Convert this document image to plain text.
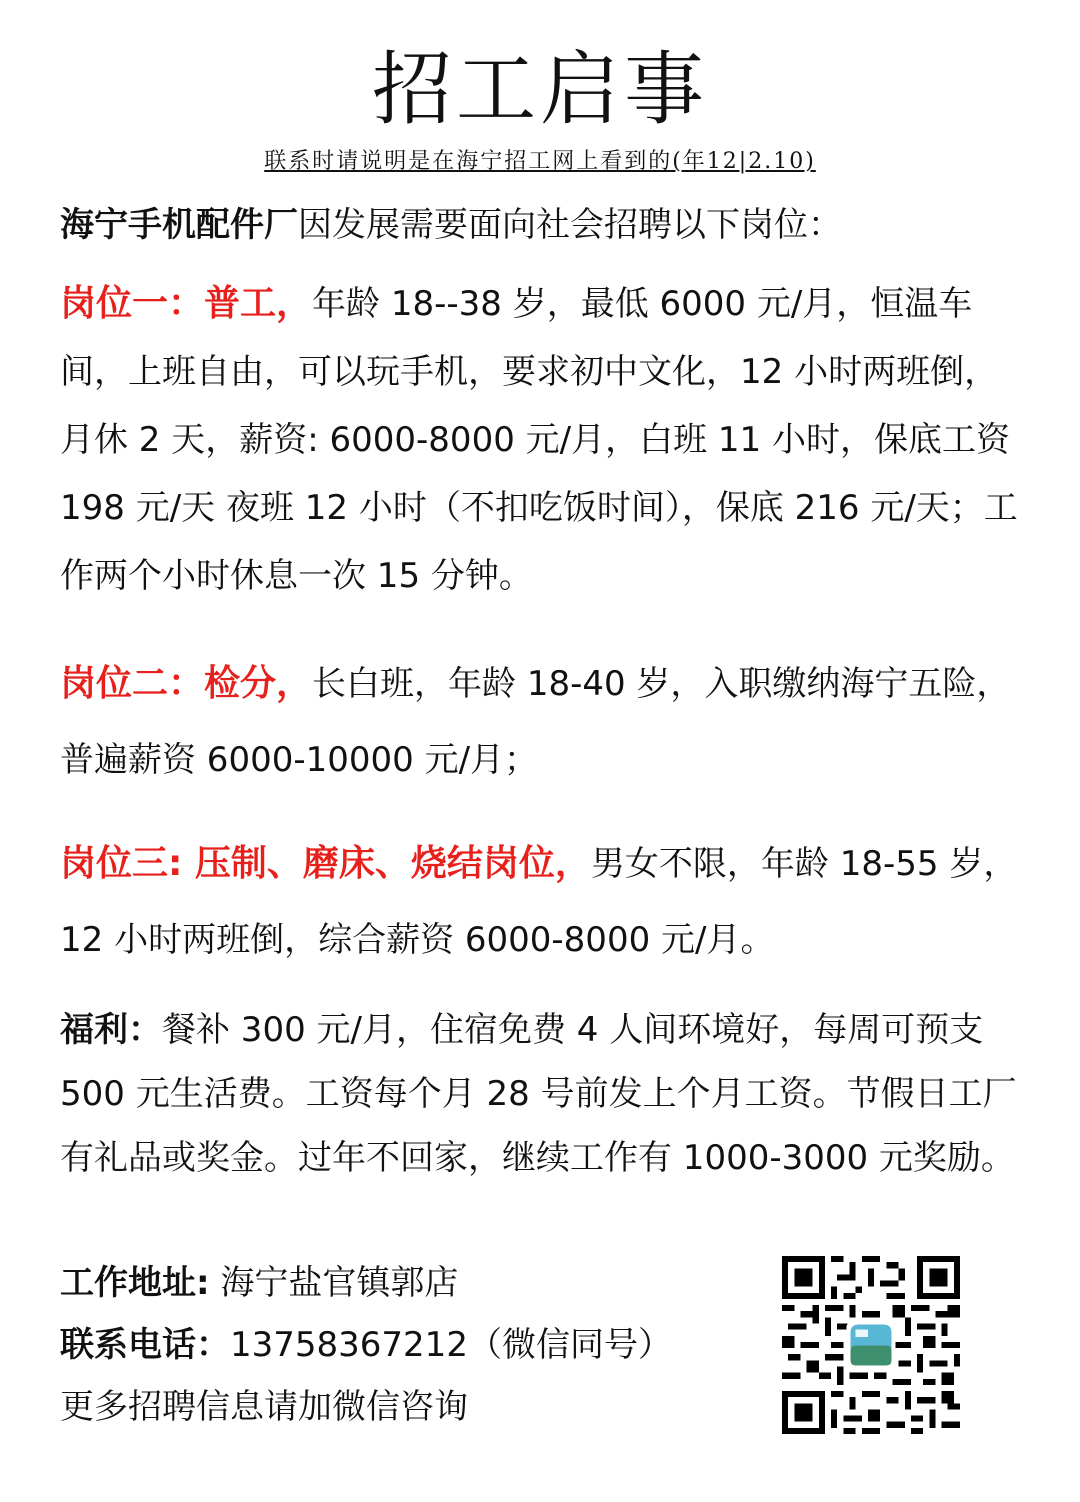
招工启事
联系时请说明是在海宁招工网上看到的(年12|2.10)

海宁手机配件厂因发展需要面向社会招聘以下岗位：

岗位一：普工，年龄 18--38 岁，最低 6000 元/月，恒温车间，上班自由，可以玩手机，要求初中文化，12 小时两班倒，月休 2 天，薪资: 6000-8000 元/月，白班 11 小时，保底工资 198 元/天 夜班 12 小时（不扣吃饭时间），保底 216 元/天；工作两个小时休息一次 15 分钟。

岗位二：检分，长白班，年龄 18-40 岁，入职缴纳海宁五险，普遍薪资 6000-10000 元/月；

岗位三: 压制、磨床、烧结岗位，男女不限，年龄 18-55 岁，12 小时两班倒，综合薪资 6000-8000 元/月。

福利：餐补 300 元/月，住宿免费 4 人间环境好，每周可预支 500 元生活费。工资每个月 28 号前发上个月工资。节假日工厂有礼品或奖金。过年不回家，继续工作有 1000-3000 元奖励。

工作地址: 海宁盐官镇郭店

联系电话：13758367212（微信同号）

更多招聘信息请加微信咨询
